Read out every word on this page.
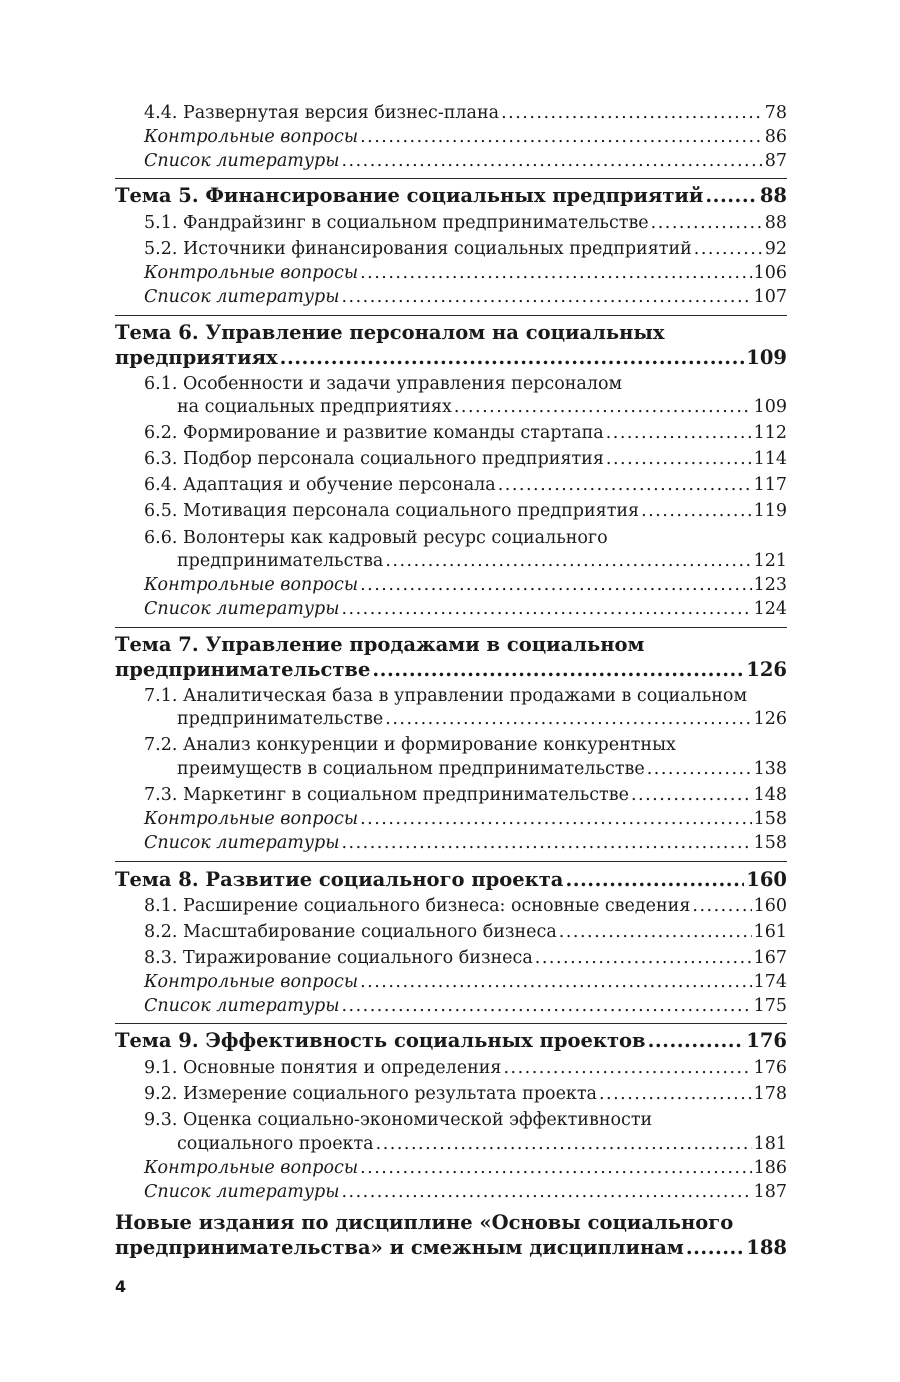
4.4. Развернутая версия бизнес-плана .....	78
Контрольные вопросы .....	86
Список литературы .....	87
Тема 5. Финансирование социальных предприятий .....	88
5.1. Фандрайзинг в социальном предпринимательстве .....	88
5.2. Источники финансирования социальных предприятий .....	92
Контрольные вопросы .....	106
Список литературы .....	107
Тема 6. Управление персоналом на социальных
предприятиях .....	109
6.1. Особенности и задачи управления персоналом
на социальных предприятиях .....	109
6.2. Формирование и развитие команды стартапа .....	112
6.3. Подбор персонала социального предприятия .....	114
6.4. Адаптация и обучение персонала .....	117
6.5. Мотивация персонала социального предприятия .....	119
6.6. Волонтеры как кадровый ресурс социального
предпринимательства .....	121
Контрольные вопросы .....	123
Список литературы .....	124
Тема 7. Управление продажами в социальном
предпринимательстве .....	126
7.1. Аналитическая база в управлении продажами в социальном
предпринимательстве .....	126
7.2. Анализ конкуренции и формирование конкурентных
преимуществ в социальном предпринимательстве .....	138
7.3. Маркетинг в социальном предпринимательстве .....	148
Контрольные вопросы .....	158
Список литературы .....	158
Тема 8. Развитие социального проекта .....	160
8.1. Расширение социального бизнеса: основные сведения .....	160
8.2. Масштабирование социального бизнеса .....	161
8.3. Тиражирование социального бизнеса .....	167
Контрольные вопросы .....	174
Список литературы .....	175
Тема 9. Эффективность социальных проектов .....	176
9.1. Основные понятия и определения .....	176
9.2. Измерение социального результата проекта .....	178
9.3. Оценка социально-экономической эффективности
социального проекта .....	181
Контрольные вопросы .....	186
Список литературы .....	187
Новые издания по дисциплине «Основы социального
предпринимательства» и смежным дисциплинам .....	188
4
